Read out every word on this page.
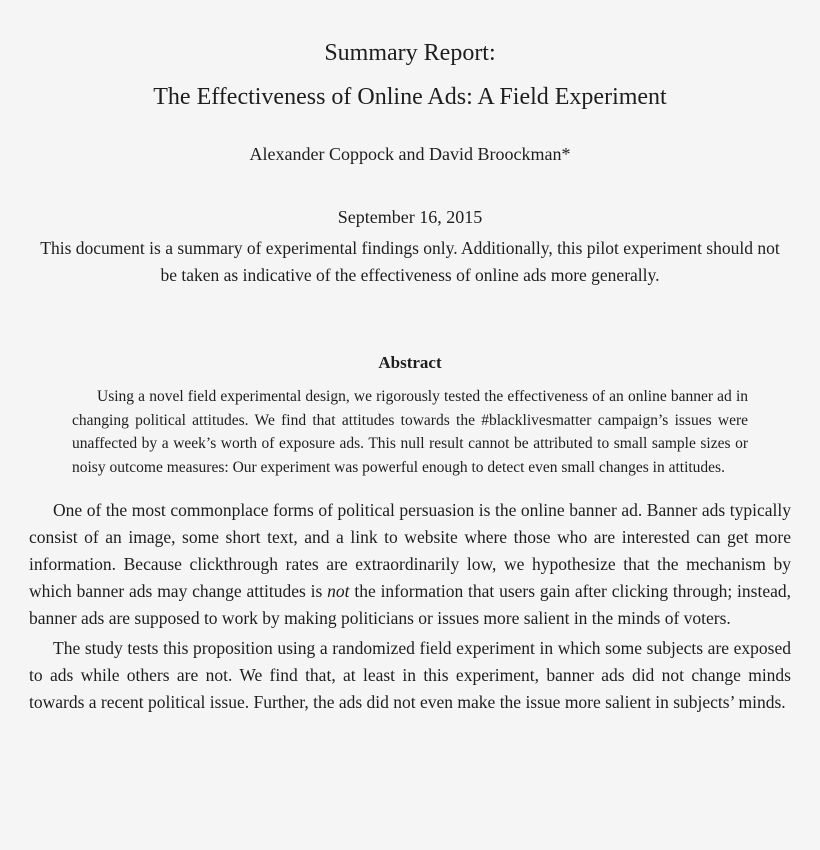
Summary Report:
The Effectiveness of Online Ads: A Field Experiment
Alexander Coppock and David Broockman*
September 16, 2015
This document is a summary of experimental findings only. Additionally, this pilot experiment should not be taken as indicative of the effectiveness of online ads more generally.
Abstract
Using a novel field experimental design, we rigorously tested the effectiveness of an online banner ad in changing political attitudes. We find that attitudes towards the #blacklivesmatter campaign’s issues were unaffected by a week’s worth of exposure ads. This null result cannot be attributed to small sample sizes or noisy outcome measures: Our experiment was powerful enough to detect even small changes in attitudes.
One of the most commonplace forms of political persuasion is the online banner ad. Banner ads typically consist of an image, some short text, and a link to website where those who are interested can get more information. Because clickthrough rates are extraordinarily low, we hypothesize that the mechanism by which banner ads may change attitudes is not the information that users gain after clicking through; instead, banner ads are supposed to work by making politicians or issues more salient in the minds of voters.
The study tests this proposition using a randomized field experiment in which some subjects are exposed to ads while others are not. We find that, at least in this experiment, banner ads did not change minds towards a recent political issue. Further, the ads did not even make the issue more salient in subjects’ minds.
